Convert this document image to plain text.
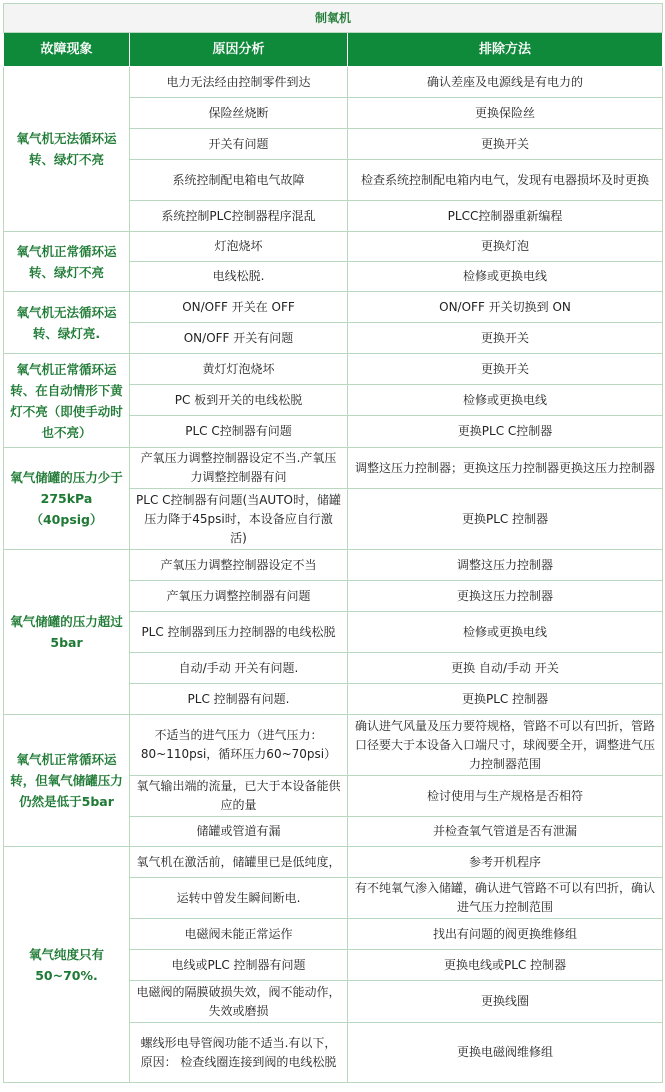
制氧机		
故障现象	原因分析	排除方法
氧气机无法循环运转、绿灯不亮	电力无法经由控制零件到达	确认差座及电源线是有电力的
	保险丝烧断	更换保险丝
	开关有问题	更换开关
	系统控制配电箱电气故障	检查系统控制配电箱内电气，发现有电器损坏及时更换
	系统控制PLC控制器程序混乱	PLCC控制器重新编程
氧气机正常循环运转、绿灯不亮	灯泡烧坏	更换灯泡
	电线松脱.	检修或更换电线
氧气机无法循环运转、绿灯亮.	ON/OFF 开关在 OFF	ON/OFF 开关切换到 ON
	ON/OFF 开关有问题	更换开关
氧气机正常循环运转、在自动情形下黄灯不亮（即使手动时也不亮）	黄灯灯泡烧坏	更换开关
	PC 板到开关的电线松脱	检修或更换电线
	PLC C控制器有问题	更换PLC C控制器
氧气储罐的压力少于275kPa（40psig）	产氧压力调整控制器设定不当.产氧压力调整控制器有问	调整这压力控制器；更换这压力控制器更换这压力控制器
	PLC C控制器有问题(当AUTO时，储罐压力降于45psi时，本设备应自行激活)	更换PLC 控制器
氧气储罐的压力超过5bar	产氧压力调整控制器设定不当	调整这压力控制器
	产氧压力调整控制器有问题	更换这压力控制器
	PLC 控制器到压力控制器的电线松脱	检修或更换电线
	自动/手动 开关有问题.	更换 自动/手动 开关
	PLC 控制器有问题.	更换PLC 控制器
氧气机正常循环运转，但氧气储罐压力仍然是低于5bar	不适当的进气压力（进气压力：80~110psi，循环压力60~70psi）	确认进气风量及压力要符规格，管路不可以有凹折，管路口径要大于本设备入口端尺寸，球阀要全开，调整进气压力控制器范围
	氧气输出端的流量，已大于本设备能供应的量	检讨使用与生产规格是否相符
	储罐或管道有漏	并检查氧气管道是否有泄漏
氧气纯度只有50~70%.	氧气机在激活前，储罐里已是低纯度，	参考开机程序
	运转中曾发生瞬间断电.	有不纯氧气渗入储罐，确认进气管路不可以有凹折，确认进气压力控制范围
	电磁阀未能正常运作	找出有问题的阀更换维修组
	电线或PLC 控制器有问题	更换电线或PLC 控制器
	电磁阀的隔膜破损失效，阀不能动作，失效或磨损	更换线圈
	螺线形电导管阀功能不适当.有以下，原因： 检查线圈连接到阀的电线松脱	更换电磁阀维修组
